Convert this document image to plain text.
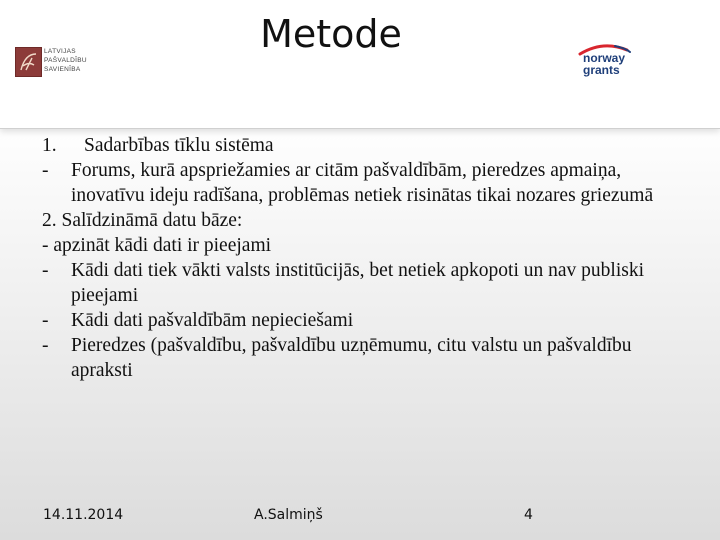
LATVIJAS
PAŠVALDĪBU
SAVIENĪBA
Metode
norway
grants
1. Sadarbības tīklu sistēma
- Forums, kurā apspriežamies ar citām pašvaldībām, pieredzes apmaiņa, inovatīvu ideju radīšana, problēmas netiek risinātas tikai nozares griezumā
2. Salīdzināmā datu bāze:
- apzināt kādi dati ir pieejami
- Kādi dati tiek vākti valsts institūcijās, bet netiek apkopoti un nav publiski pieejami
- Kādi dati pašvaldībām nepieciešami
- Pieredzes (pašvaldību, pašvaldību uzņēmumu, citu valstu un pašvaldību apraksti
14.11.2014	A.Salmiņš	4
